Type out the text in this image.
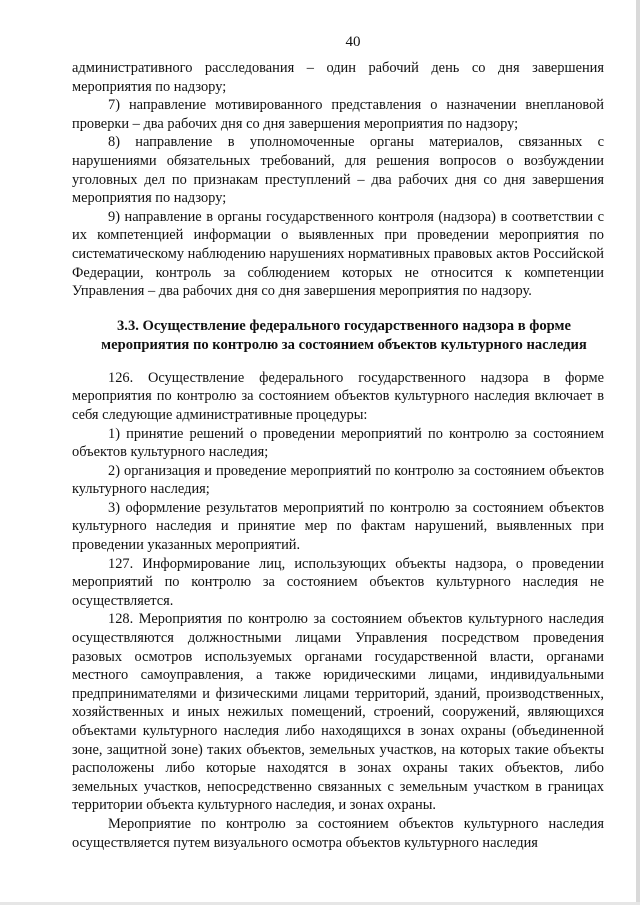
40

административного расследования – один рабочий день со дня завершения мероприятия по надзору;

7) направление мотивированного представления о назначении внеплановой проверки – два рабочих дня со дня завершения мероприятия по надзору;

8) направление в уполномоченные органы материалов, связанных с нарушениями обязательных требований, для решения вопросов о возбуждении уголовных дел по признакам преступлений – два рабочих дня со дня завершения мероприятия по надзору;

9) направление в органы государственного контроля (надзора) в соответствии с их компетенцией информации о выявленных при проведении мероприятия по систематическому наблюдению нарушениях нормативных правовых актов Российской Федерации, контроль за соблюдением которых не относится к компетенции Управления – два рабочих дня со дня завершения мероприятия по надзору.

3.3. Осуществление федерального государственного надзора в форме мероприятия по контролю за состоянием объектов культурного наследия

126. Осуществление федерального государственного надзора в форме мероприятия по контролю за состоянием объектов культурного наследия включает в себя следующие административные процедуры:

1) принятие решений о проведении мероприятий по контролю за состоянием объектов культурного наследия;

2) организация и проведение мероприятий по контролю за состоянием объектов культурного наследия;

3) оформление результатов мероприятий по контролю за состоянием объектов культурного наследия и принятие мер по фактам нарушений, выявленных при проведении указанных мероприятий.

127. Информирование лиц, использующих объекты надзора, о проведении мероприятий по контролю за состоянием объектов культурного наследия не осуществляется.

128. Мероприятия по контролю за состоянием объектов культурного наследия осуществляются должностными лицами Управления посредством проведения разовых осмотров используемых органами государственной власти, органами местного самоуправления, а также юридическими лицами, индивидуальными предпринимателями и физическими лицами территорий, зданий, производственных, хозяйственных и иных нежилых помещений, строений, сооружений, являющихся объектами культурного наследия либо находящихся в зонах охраны (объединенной зоне, защитной зоне) таких объектов, земельных участков, на которых такие объекты расположены либо которые находятся в зонах охраны таких объектов, либо земельных участков, непосредственно связанных с земельным участком в границах территории объекта культурного наследия, и зонах охраны.

Мероприятие по контролю за состоянием объектов культурного наследия осуществляется путем визуального осмотра объектов культурного наследия
